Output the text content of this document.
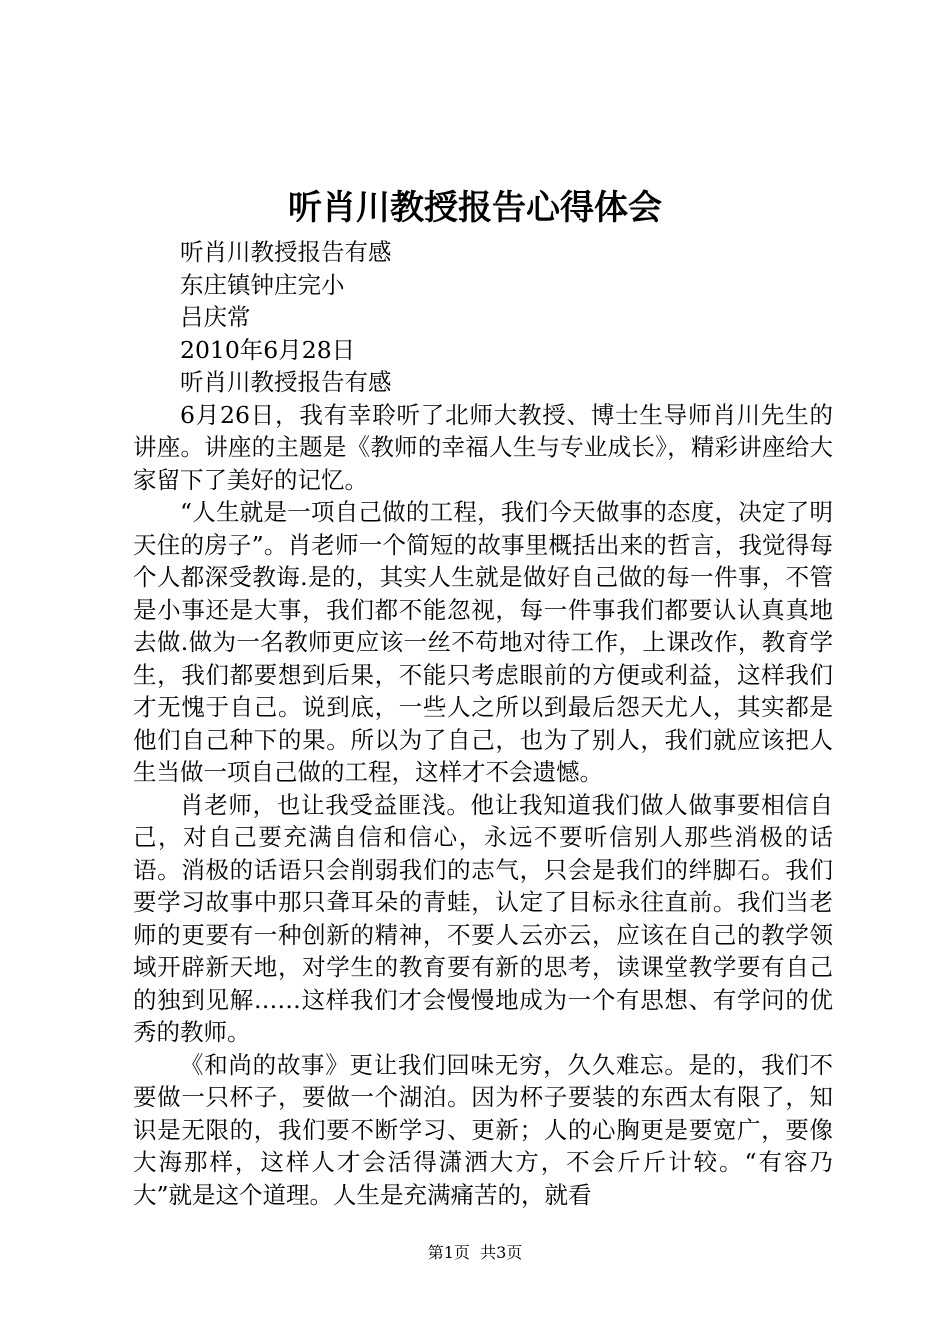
听肖川教授报告心得体会

听肖川教授报告有感

东庄镇钟庄完小

吕庆常

2010年6月28日

听肖川教授报告有感

6月26日，我有幸聆听了北师大教授、博士生导师肖川先生的讲座。讲座的主题是《教师的幸福人生与专业成长》，精彩讲座给大家留下了美好的记忆。

“人生就是一项自己做的工程，我们今天做事的态度，决定了明天住的房子”。肖老师一个简短的故事里概括出来的哲言，我觉得每个人都深受教诲.是的，其实人生就是做好自己做的每一件事，不管是小事还是大事，我们都不能忽视，每一件事我们都要认认真真地去做.做为一名教师更应该一丝不苟地对待工作，上课改作，教育学生，我们都要想到后果，不能只考虑眼前的方便或利益，这样我们才无愧于自己。说到底，一些人之所以到最后怨天尤人，其实都是他们自己种下的果。所以为了自己，也为了别人，我们就应该把人生当做一项自己做的工程，这样才不会遗憾。

肖老师，也让我受益匪浅。他让我知道我们做人做事要相信自己，对自己要充满自信和信心，永远不要听信别人那些消极的话语。消极的话语只会削弱我们的志气，只会是我们的绊脚石。我们要学习故事中那只聋耳朵的青蛙，认定了目标永往直前。我们当老师的更要有一种创新的精神，不要人云亦云，应该在自己的教学领域开辟新天地，对学生的教育要有新的思考，读课堂教学要有自己的独到见解……这样我们才会慢慢地成为一个有思想、有学问的优秀的教师。

《和尚的故事》更让我们回味无穷，久久难忘。是的，我们不要做一只杯子，要做一个湖泊。因为杯子要装的东西太有限了，知识是无限的，我们要不断学习、更新；人的心胸更是要宽广，要像大海那样，这样人才会活得潇洒大方，不会斤斤计较。“有容乃大”就是这个道理。人生是充满痛苦的，就看

第1页  共3页
